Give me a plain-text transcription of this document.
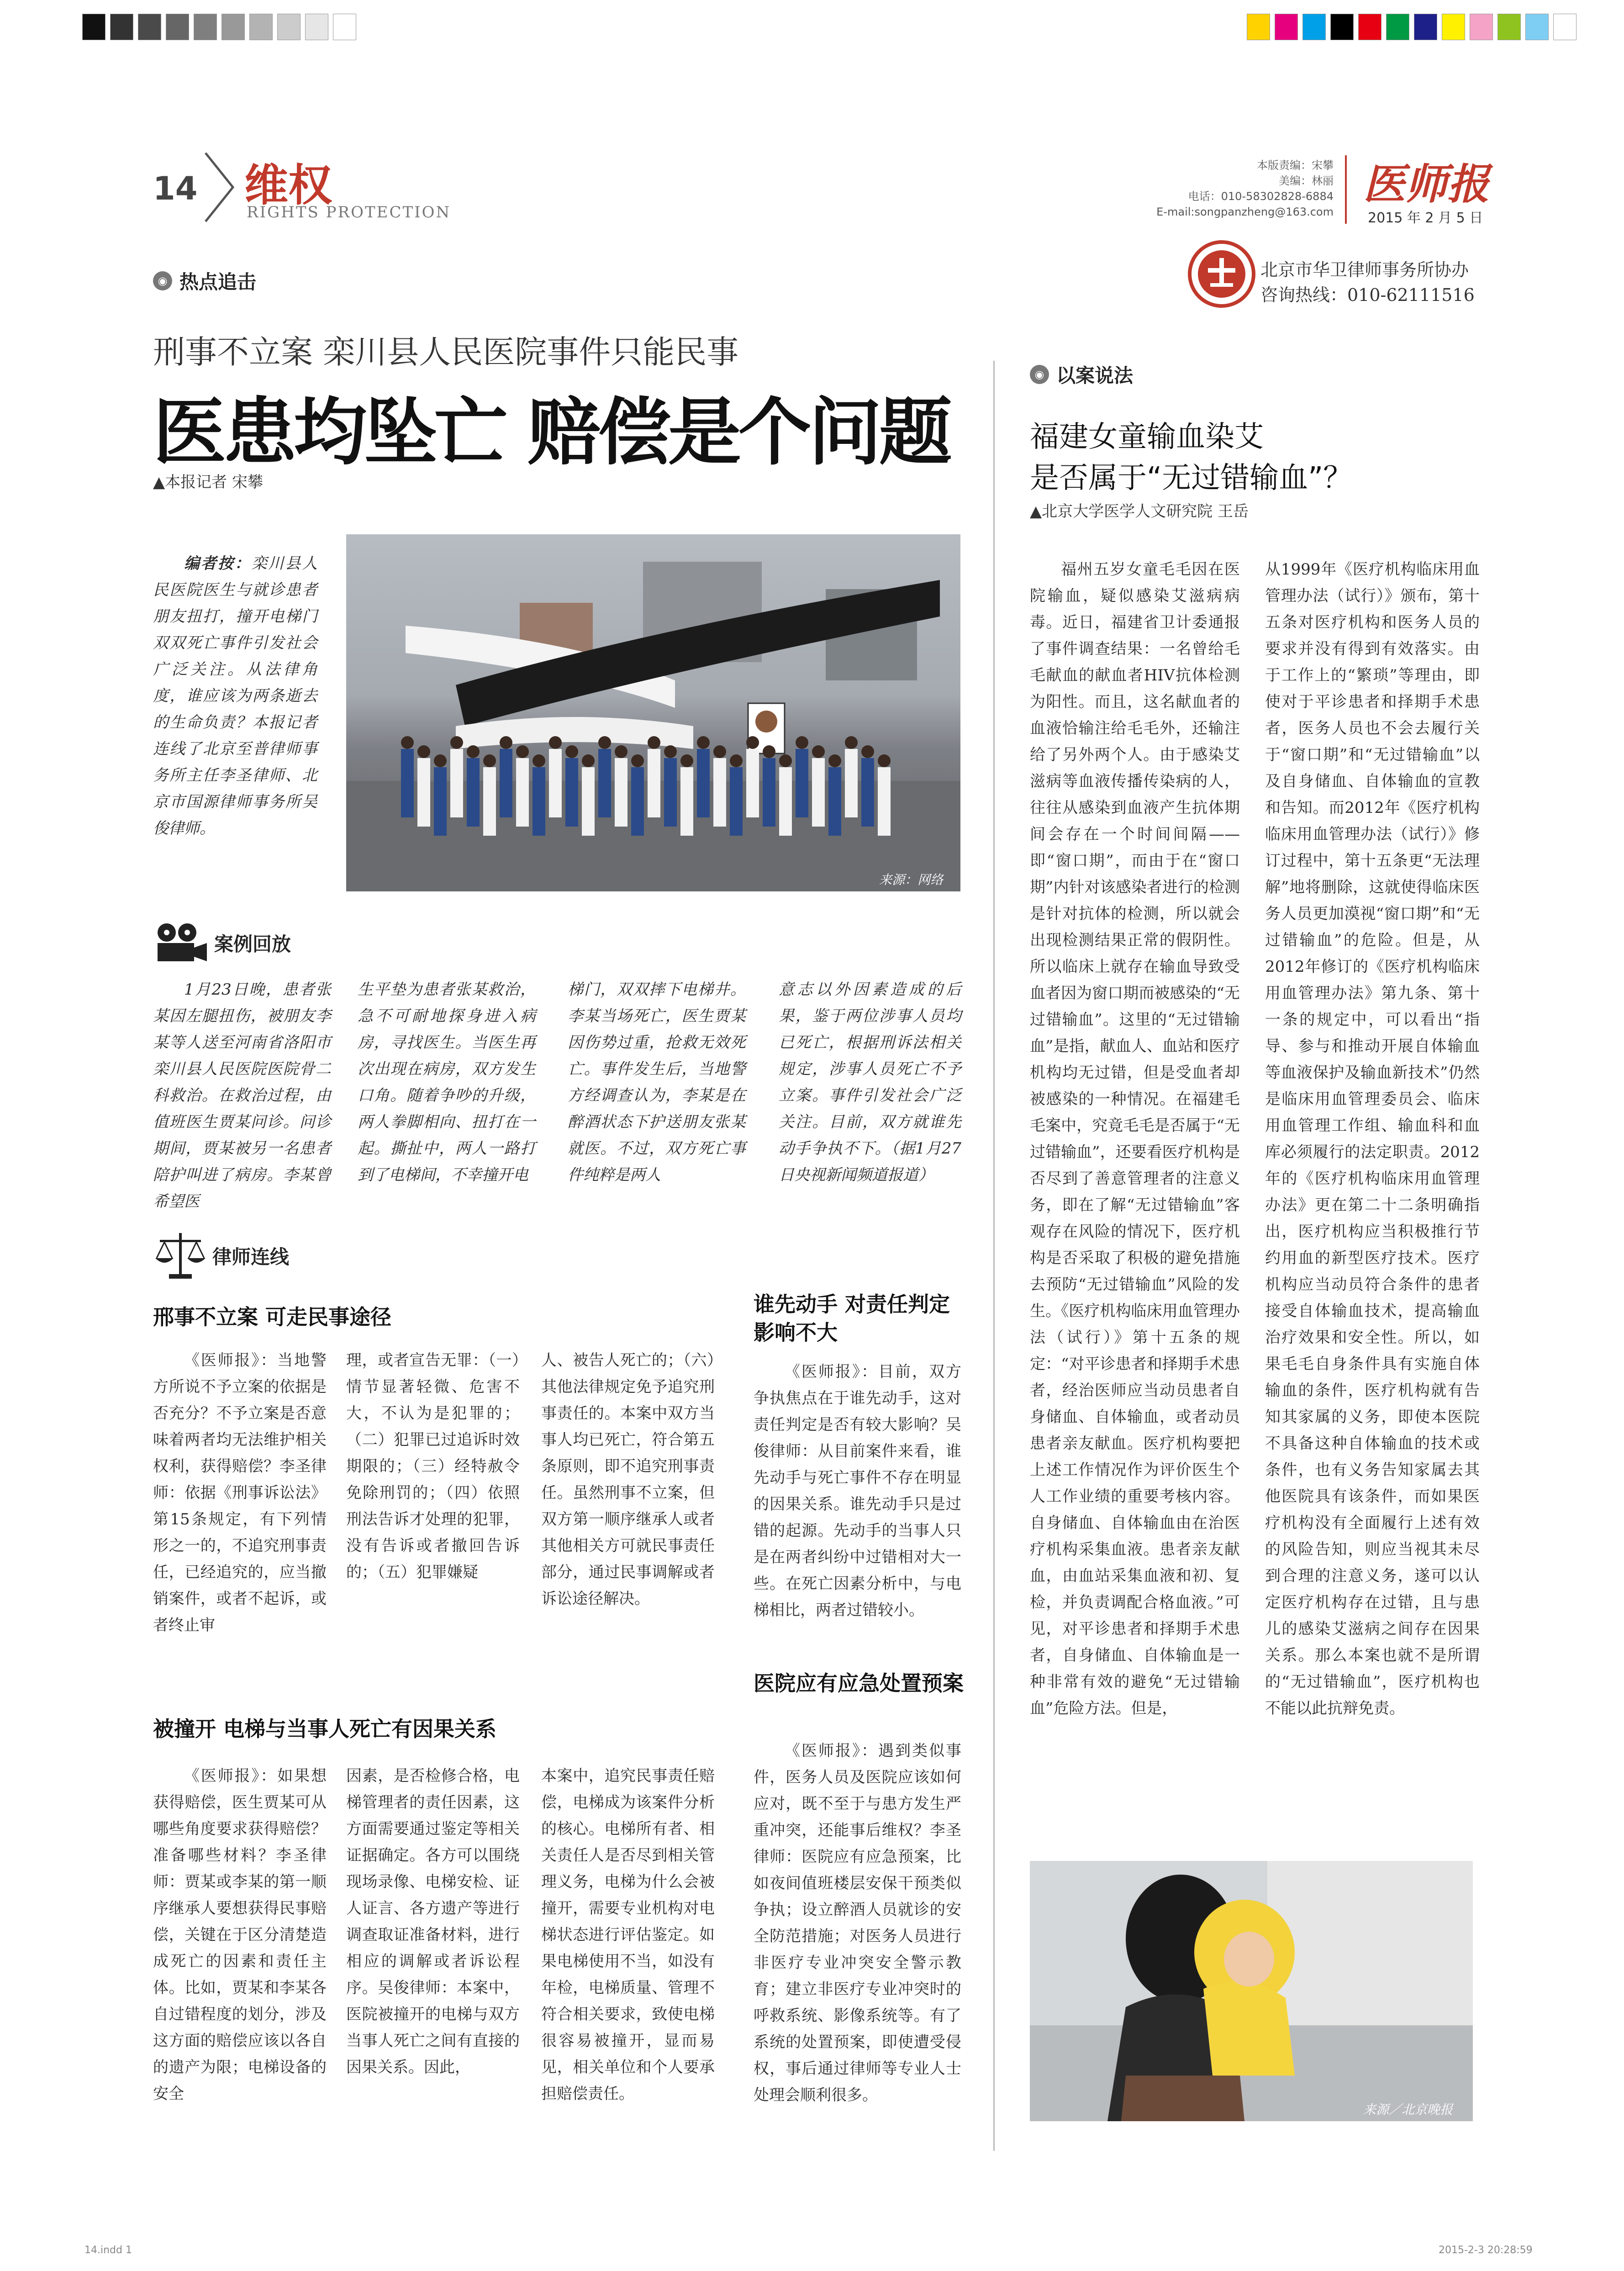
14 维权
RIGHTS PROTECTION
本版责编：宋攀
美编：林丽
电话：010-58302828-6884
E-mail:songpanzheng@163.com
医师报
2015 年 2 月 5 日
北京市华卫律师事务所协办
咨询热线：010-62111516
◉ 热点追击
刑事不立案 栾川县人民医院事件只能民事
医患均坠亡 赔偿是个问题
▲本报记者 宋攀

编者按：栾川县人民医院医生与就诊患者朋友扭打，撞开电梯门双双死亡事件引发社会广泛关注。从法律角度，谁应该为两条逝去的生命负责？本报记者连线了北京至普律师事务所主任李圣律师、北京市国源律师事务所吴俊律师。

来源：网络
案例回放

1月23日晚，患者张某因左腿扭伤，被朋友李某等人送至河南省洛阳市栾川县人民医院医院骨二科救治。在救治过程，由值班医生贾某问诊。问诊期间，贾某被另一名患者陪护叫进了病房。李某曾希望医

生平垫为患者张某救治，急不可耐地探身进入病房，寻找医生。当医生再次出现在病房，双方发生口角。随着争吵的升级，两人拳脚相向、扭打在一起。撕扯中，两人一路打到了电梯间，不幸撞开电

梯门，双双摔下电梯井。李某当场死亡，医生贾某因伤势过重，抢救无效死亡。事件发生后，当地警方经调查认为，李某是在醉酒状态下护送朋友张某就医。不过，双方死亡事件纯粹是两人

意志以外因素造成的后果，鉴于两位涉事人员均已死亡，根据刑诉法相关规定，涉事人员死亡不予立案。事件引发社会广泛关注。目前，双方就谁先动手争执不下。（据1月27日央视新闻频道报道）

律师连线
邢事不立案 可走民事途径

《医师报》：当地警方所说不予立案的依据是否充分？不予立案是否意味着两者均无法维护相关权利，获得赔偿？李圣律师：依据《刑事诉讼法》第15条规定，有下列情形之一的，不追究刑事责任，已经追究的，应当撤销案件，或者不起诉，或者终止审

理，或者宣告无罪：（一）情节显著轻微、危害不大，不认为是犯罪的；（二）犯罪已过追诉时效期限的；（三）经特赦令免除刑罚的；（四）依照刑法告诉才处理的犯罪，没有告诉或者撤回告诉的；（五）犯罪嫌疑

人、被告人死亡的；（六）其他法律规定免予追究刑事责任的。本案中双方当事人均已死亡，符合第五条原则，即不追究刑事责任。虽然刑事不立案，但双方第一顺序继承人或者其他相关方可就民事责任部分，通过民事调解或者诉讼途径解决。

谁先动手 对责任判定影响不大

《医师报》：目前，双方争执焦点在于谁先动手，这对责任判定是否有较大影响？吴俊律师：从目前案件来看，谁先动手与死亡事件不存在明显的因果关系。谁先动手只是过错的起源。先动手的当事人只是在两者纠纷中过错相对大一些。在死亡因素分析中，与电梯相比，两者过错较小。

被撞开 电梯与当事人死亡有因果关系

《医师报》：如果想获得赔偿，医生贾某可从哪些角度要求获得赔偿？准备哪些材料？李圣律师：贾某或李某的第一顺序继承人要想获得民事赔偿，关键在于区分清楚造成死亡的因素和责任主体。比如，贾某和李某各自过错程度的划分，涉及这方面的赔偿应该以各自的遗产为限；电梯设备的安全

因素，是否检修合格，电梯管理者的责任因素，这方面需要通过鉴定等相关证据确定。各方可以围绕现场录像、电梯安检、证人证言、各方遗产等进行调查取证准备材料，进行相应的调解或者诉讼程序。吴俊律师：本案中，医院被撞开的电梯与双方当事人死亡之间有直接的因果关系。因此，

本案中，追究民事责任赔偿，电梯成为该案件分析的核心。电梯所有者、相关责任人是否尽到相关管理义务，电梯为什么会被撞开，需要专业机构对电梯状态进行评估鉴定。如果电梯使用不当，如没有年检，电梯质量、管理不符合相关要求，致使电梯很容易被撞开，显而易见，相关单位和个人要承担赔偿责任。

医院应有应急处置预案

《医师报》：遇到类似事件，医务人员及医院应该如何应对，既不至于与患方发生严重冲突，还能事后维权？李圣律师：医院应有应急预案，比如夜间值班楼层安保干预类似争执；设立醉酒人员就诊的安全防范措施；对医务人员进行非医疗专业冲突安全警示教育；建立非医疗专业冲突时的呼救系统、影像系统等。有了系统的处置预案，即使遭受侵权，事后通过律师等专业人士处理会顺利很多。

◉ 以案说法
福建女童输血染艾
是否属于“无过错输血”？
▲北京大学医学人文研究院 王岳

福州五岁女童毛毛因在医院输血，疑似感染艾滋病病毒。近日，福建省卫计委通报了事件调查结果：一名曾给毛毛献血的献血者HIV抗体检测为阳性。而且，这名献血者的血液恰输注给毛毛外，还输注给了另外两个人。由于感染艾滋病等血液传播传染病的人，往往从感染到血液产生抗体期间会存在一个时间间隔——即“窗口期”，而由于在“窗口期”内针对该感染者进行的检测是针对抗体的检测，所以就会出现检测结果正常的假阴性。所以临床上就存在输血导致受血者因为窗口期而被感染的“无过错输血”。这里的“无过错输血”是指，献血人、血站和医疗机构均无过错，但是受血者却被感染的一种情况。在福建毛毛案中，究竟毛毛是否属于“无过错输血”，还要看医疗机构是否尽到了善意管理者的注意义务，即在了解“无过错输血”客观存在风险的情况下，医疗机构是否采取了积极的避免措施去预防“无过错输血”风险的发生。《医疗机构临床用血管理办法（试行）》第十五条的规定：“对平诊患者和择期手术患者，经治医师应当动员患者自身储血、自体输血，或者动员患者亲友献血。医疗机构要把上述工作情况作为评价医生个人工作业绩的重要考核内容。自身储血、自体输血由在治医疗机构采集血液。患者亲友献血，由血站采集血液和初、复检，并负责调配合格血液。”可见，对平诊患者和择期手术患者，自身储血、自体输血是一种非常有效的避免“无过错输血”危险方法。但是，

从1999年《医疗机构临床用血管理办法（试行）》颁布，第十五条对医疗机构和医务人员的要求并没有得到有效落实。由于工作上的“繁琐”等理由，即使对于平诊患者和择期手术患者，医务人员也不会去履行关于“窗口期”和“无过错输血”以及自身储血、自体输血的宣教和告知。而2012年《医疗机构临床用血管理办法（试行）》修订过程中，第十五条更“无法理解”地将删除，这就使得临床医务人员更加漠视“窗口期”和“无过错输血”的危险。但是，从2012年修订的《医疗机构临床用血管理办法》第九条、第十一条的规定中，可以看出“指导、参与和推动开展自体输血等血液保护及输血新技术”仍然是临床用血管理委员会、临床用血管理工作组、输血科和血库必须履行的法定职责。2012年的《医疗机构临床用血管理办法》更在第二十二条明确指出，医疗机构应当积极推行节约用血的新型医疗技术。医疗机构应当动员符合条件的患者接受自体输血技术，提高输血治疗效果和安全性。所以，如果毛毛自身条件具有实施自体输血的条件，医疗机构就有告知其家属的义务，即使本医院不具备这种自体输血的技术或条件，也有义务告知家属去其他医院具有该条件，而如果医疗机构没有全面履行上述有效的风险告知，则应当视其未尽到合理的注意义务，遂可以认定医疗机构存在过错，且与患儿的感染艾滋病之间存在因果关系。那么本案也就不是所谓的“无过错输血”，医疗机构也不能以此抗辩免责。

来源／北京晚报
14.indd 1	2015-2-3 20:28:59
